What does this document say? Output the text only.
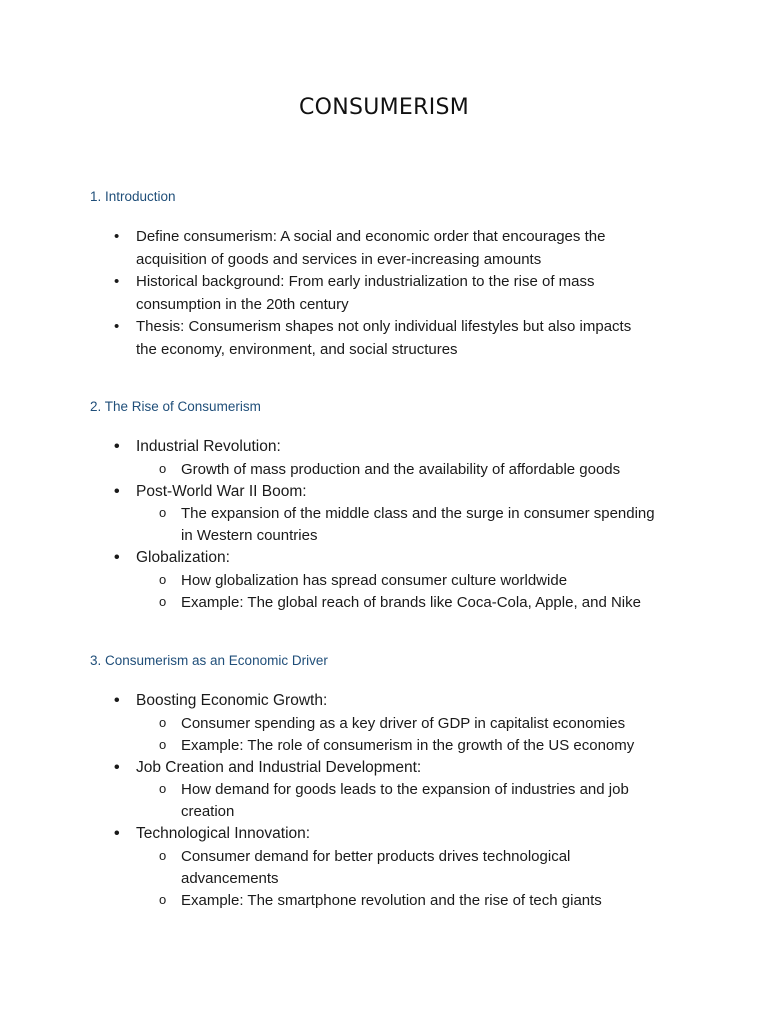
CONSUMERISM
1. Introduction
• Define consumerism: A social and economic order that encourages the acquisition of goods and services in ever-increasing amounts
• Historical background: From early industrialization to the rise of mass consumption in the 20th century
• Thesis: Consumerism shapes not only individual lifestyles but also impacts the economy, environment, and social structures
2. The Rise of Consumerism
• Industrial Revolution:
o Growth of mass production and the availability of affordable goods
• Post-World War II Boom:
o The expansion of the middle class and the surge in consumer spending in Western countries
• Globalization:
o How globalization has spread consumer culture worldwide
o Example: The global reach of brands like Coca-Cola, Apple, and Nike
3. Consumerism as an Economic Driver
• Boosting Economic Growth:
o Consumer spending as a key driver of GDP in capitalist economies
o Example: The role of consumerism in the growth of the US economy
• Job Creation and Industrial Development:
o How demand for goods leads to the expansion of industries and job creation
• Technological Innovation:
o Consumer demand for better products drives technological advancements
o Example: The smartphone revolution and the rise of tech giants
